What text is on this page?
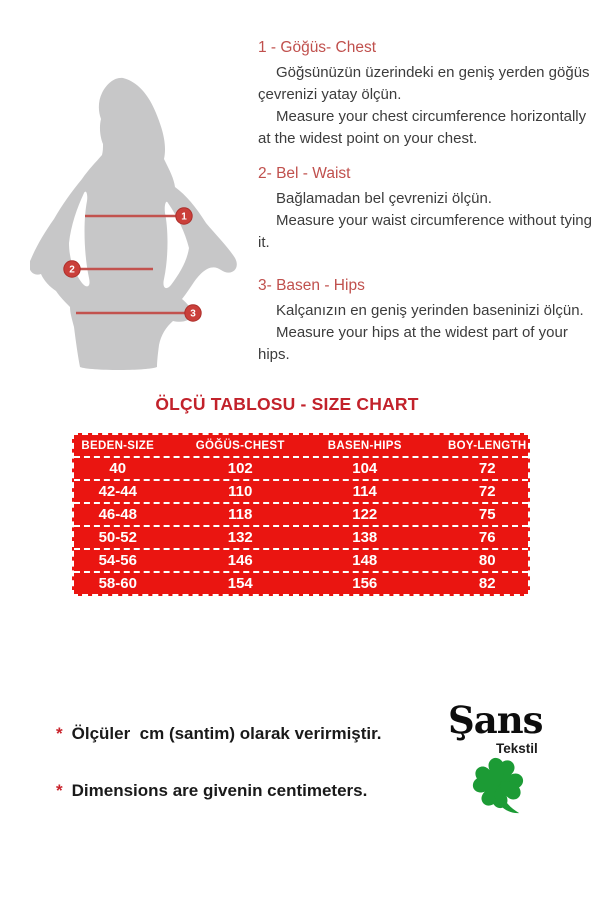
1
2
3
1 - Göğüs- Chest

Göğsünüzün üzerindeki en geniş yerden göğüs çevrenizi yatay ölçün.

Measure your chest circumference horizontally at the widest point on your chest.

2- Bel - Waist

Bağlamadan bel çevrenizi ölçün.

Measure your waist circumference without tying it.

3- Basen - Hips

Kalçanızın en geniş yerinden baseninizi ölçün.

Measure your hips at the widest part of your hips.

ÖLÇÜ TABLOSU - SIZE CHART
BEDEN-SIZE	GÖĞÜS-CHEST	BASEN-HIPS	BOY-LENGTH
40	102	104	72
42-44	110	114	72
46-48	118	122	75
50-52	132	138	76
54-56	146	148	80
58-60	154	156	82
* Ölçüler  cm (santim) olarak verirmiştir.
* Dimensions are givenin centimeters.
Şans
Tekstil
